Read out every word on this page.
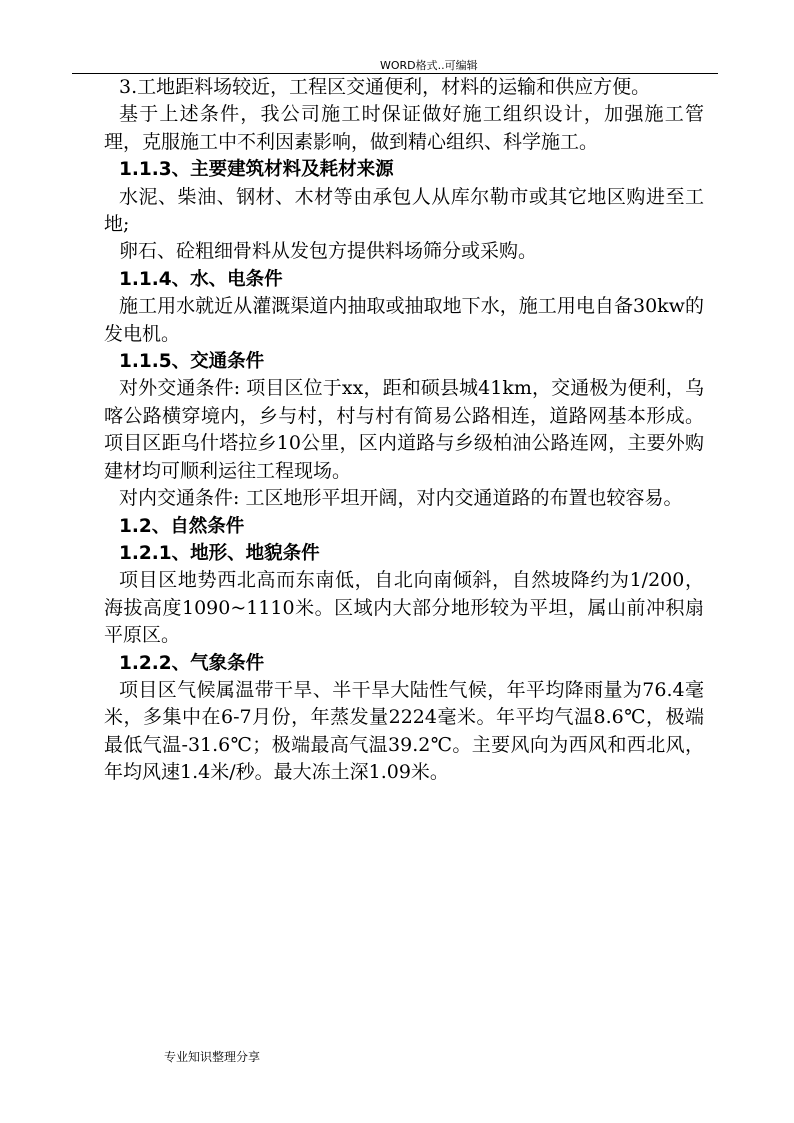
WORD格式..可编辑

3.工地距料场较近，工程区交通便利，材料的运输和供应方便。

基于上述条件，我公司施工时保证做好施工组织设计，加强施工管理，克服施工中不利因素影响，做到精心组织、科学施工。

1.1.3、主要建筑材料及耗材来源

水泥、柴油、钢材、木材等由承包人从库尔勒市或其它地区购进至工地;

卵石、砼粗细骨料从发包方提供料场筛分或采购。

1.1.4、水、电条件

施工用水就近从灌溉渠道内抽取或抽取地下水，施工用电自备30kw的发电机。

1.1.5、交通条件

对外交通条件: 项目区位于xx，距和硕县城41km，交通极为便利，乌喀公路横穿境内，乡与村，村与村有简易公路相连，道路网基本形成。项目区距乌什塔拉乡10公里，区内道路与乡级柏油公路连网，主要外购建材均可顺利运往工程现场。

对内交通条件: 工区地形平坦开阔，对内交通道路的布置也较容易。

1.2、自然条件

1.2.1、地形、地貌条件

项目区地势西北高而东南低，自北向南倾斜，自然坡降约为1/200，海拔高度1090~1110米。区域内大部分地形较为平坦，属山前冲积扇平原区。

1.2.2、气象条件

项目区气候属温带干旱、半干旱大陆性气候，年平均降雨量为76.4毫米，多集中在6-7月份，年蒸发量2224毫米。年平均气温8.6℃，极端最低气温-31.6℃；极端最高气温39.2℃。主要风向为西风和西北风，年均风速1.4米/秒。最大冻土深1.09米。

专业知识整理分享
